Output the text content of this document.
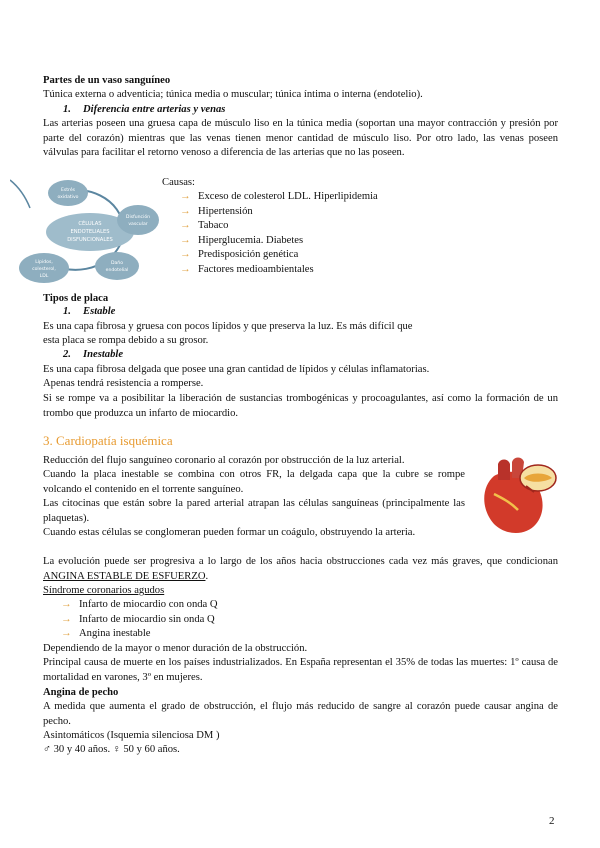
Partes de un vaso sanguíneo

Túnica externa o adventicia; túnica media o muscular; túnica íntima o interna (endotelio).

1. Diferencia entre arterias y venas

Las arterias poseen una gruesa capa de músculo liso en la túnica media (soportan una mayor contracción y presión por parte del corazón) mientras que las venas tienen menor cantidad de músculo liso. Por otro lado, las venas poseen válvulas para facilitar el retorno venoso a diferencia de las arterias que no las poseen.

CÉLULAS
ENDOTELIALES
DISFUNCIONALES
Estrés
oxidativo
Disfunción
vascular
Daño
endotelial
Lípidos,
colesterol,
LDL

Causas:

→ Exceso de colesterol LDL. Hiperlipidemia
→ Hipertensión
→ Tabaco
→ Hiperglucemia. Diabetes
→ Predisposición genética
→ Factores medioambientales

Tipos de placa

1. Estable

Es una capa fibrosa y gruesa con pocos lípidos y que preserva la luz. Es más difícil que

esta placa se rompa debido a su grosor.

2. Inestable

Es una capa fibrosa delgada que posee una gran cantidad de lípidos y células inflamatorias.

Apenas tendrá resistencia a romperse.

Si se rompe va a posibilitar la liberación de sustancias trombogénicas y procoagulantes, así como la formación de un trombo que produzca un infarto de miocardio.

3. Cardiopatía isquémica

Reducción del flujo sanguíneo coronario al corazón por obstrucción de la luz arterial.

Cuando la placa inestable se combina con otros FR, la delgada capa que la cubre se rompe volcando el contenido en el torrente sanguíneo.

Las citocinas que están sobre la pared arterial atrapan las células sanguíneas (principalmente las plaquetas).

Cuando estas células se conglomeran pueden formar un coágulo, obstruyendo la arteria.

La evolución puede ser progresiva a lo largo de los años hacia obstrucciones cada vez más graves, que condicionan ANGINA ESTABLE DE ESFUERZO.

Síndrome coronarios agudos

→ Infarto de miocardio con onda Q
→ Infarto de miocardio sin onda Q
→ Angina inestable

Dependiendo de la mayor o menor duración de la obstrucción.

Principal causa de muerte en los países industrializados. En España representan el 35% de todas las muertes: 1º causa de mortalidad en varones, 3º en mujeres.

Angina de pecho

A medida que aumenta el grado de obstrucción, el flujo más reducido de sangre al corazón puede causar angina de pecho.

Asintomáticos (Isquemia silenciosa DM )

♂ 30 y 40 años. ♀ 50 y 60 años.

2
